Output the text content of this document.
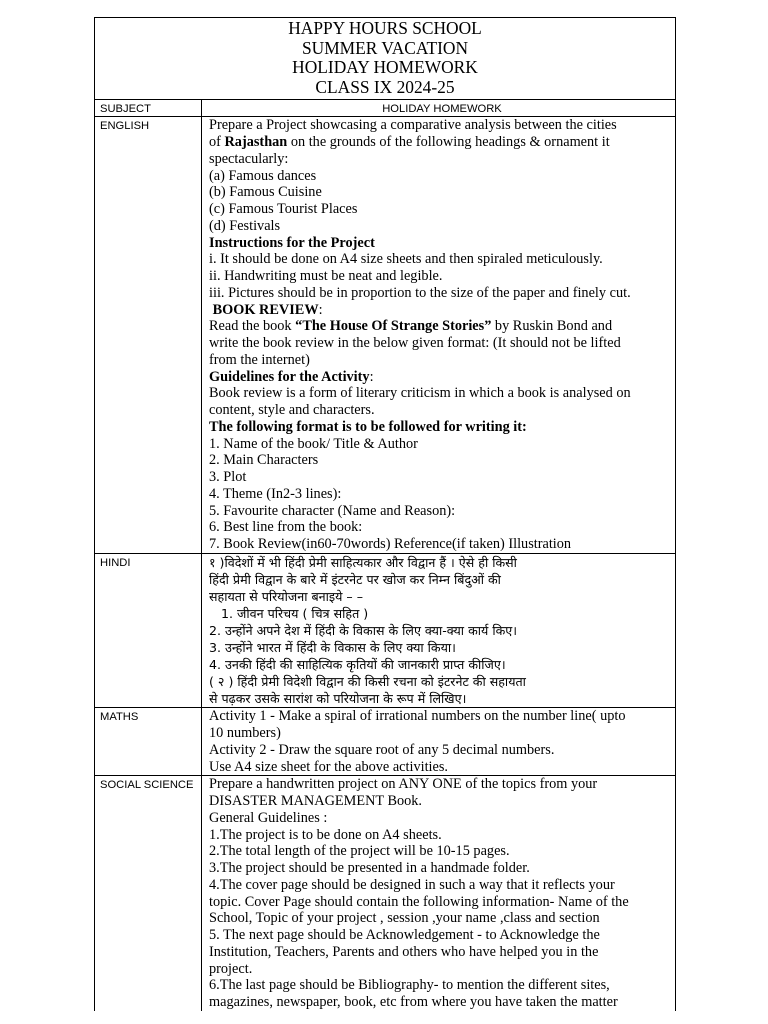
HAPPY HOURS SCHOOL
SUMMER VACATION
HOLIDAY HOMEWORK
CLASS IX 2024-25
SUBJECT	HOLIDAY HOMEWORK
ENGLISH	Prepare a Project showcasing a comparative analysis between the cities
of Rajasthan on the grounds of the following headings & ornament it
spectacularly:
(a) Famous dances
(b) Famous Cuisine
(c) Famous Tourist Places
(d) Festivals
Instructions for the Project
i. It should be done on A4 size sheets and then spiraled meticulously.
ii. Handwriting must be neat and legible.
iii. Pictures should be in proportion to the size of the paper and finely cut.
BOOK REVIEW:
Read the book “The House Of Strange Stories” by Ruskin Bond and
write the book review in the below given format: (It should not be lifted
from the internet)
Guidelines for the Activity:
Book review is a form of literary criticism in which a book is analysed on
content, style and characters.
The following format is to be followed for writing it:
1. Name of the book/ Title & Author
2. Main Characters
3. Plot
4. Theme (In2-3 lines):
5. Favourite character (Name and Reason):
6. Best line from the book:
7. Book Review(in60-70words) Reference(if taken) Illustration
HINDI	१ )विदेशों में भी हिंदी प्रेमी साहित्यकार और विद्वान हैं । ऐसे ही किसी
हिंदी प्रेमी विद्वान के बारे में इंटरनेट पर खोज कर निम्न बिंदुओं की
सहायता से परियोजना बनाइये – –
1. जीवन परिचय ( चित्र सहित )
2. उन्होंने अपने देश में हिंदी के विकास के लिए क्या-क्या कार्य किए।
3. उन्होंने भारत में हिंदी के विकास के लिए क्या किया।
4. उनकी हिंदी की साहित्यिक कृतियों की जानकारी प्राप्त कीजिए।
( २ ) हिंदी प्रेमी विदेशी विद्वान की किसी रचना को इंटरनेट की सहायता
से पढ़कर उसके सारांश को परियोजना के रूप में लिखिए।
MATHS	Activity 1 - Make a spiral of irrational numbers on the number line( upto
10 numbers)
Activity 2 - Draw the square root of any 5 decimal numbers.
Use A4 size sheet for the above activities.
SOCIAL SCIENCE	Prepare a handwritten project on ANY ONE of the topics from your
DISASTER MANAGEMENT Book.
General Guidelines :
1.The project is to be done on A4 sheets.
2.The total length of the project will be 10-15 pages.
3.The project should be presented in a handmade folder.
4.The cover page should be designed in such a way that it reflects your
topic. Cover Page should contain the following information- Name of the
School, Topic of your project , session ,your name ,class and section
5. The next page should be Acknowledgement - to Acknowledge the
Institution, Teachers, Parents and others who have helped you in the
project.
6.The last page should be Bibliography- to mention the different sites,
magazines, newspaper, book, etc from where you have taken the matter
